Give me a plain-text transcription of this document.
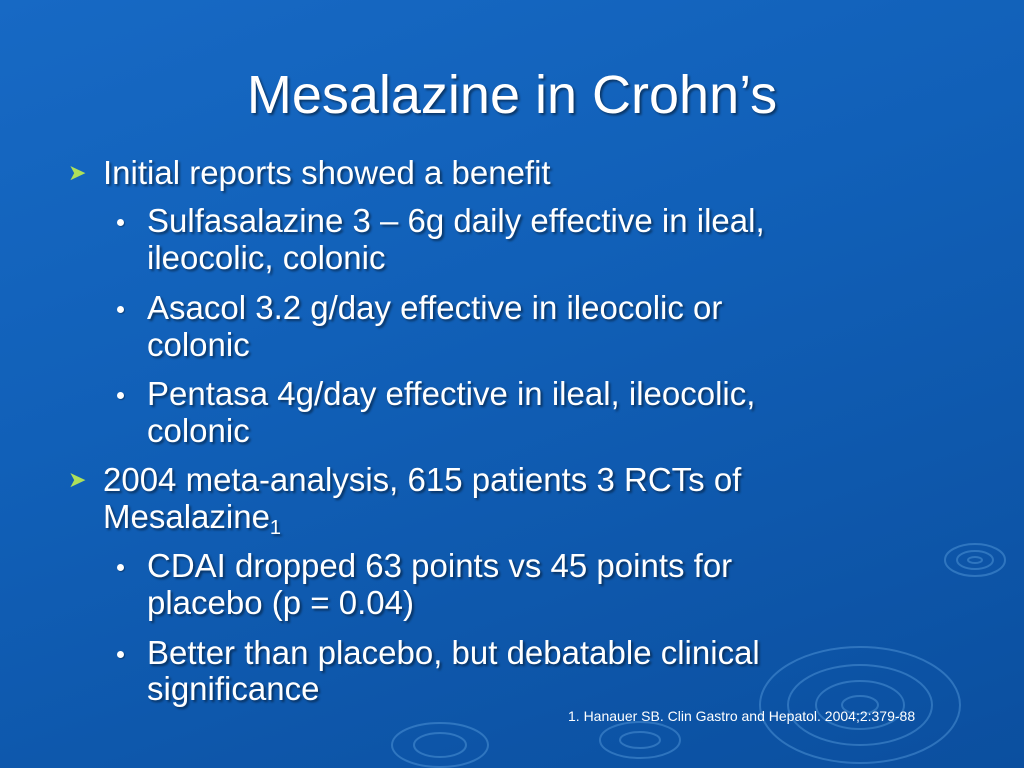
Mesalazine in Crohn’s
➤ Initial reports showed a benefit
Sulfasalazine 3 – 6g daily effective in ileal,
ileocolic, colonic
Asacol 3.2 g/day effective in ileocolic or
colonic
Pentasa 4g/day effective in ileal, ileocolic,
colonic
➤ 2004 meta-analysis, 615 patients 3 RCTs of
Mesalazine$_1$
CDAI dropped 63 points vs 45 points for
placebo (p = 0.04)
Better than placebo, but debatable clinical
significance
1. Hanauer SB. Clin Gastro and Hepatol. 2004;2:379-88
